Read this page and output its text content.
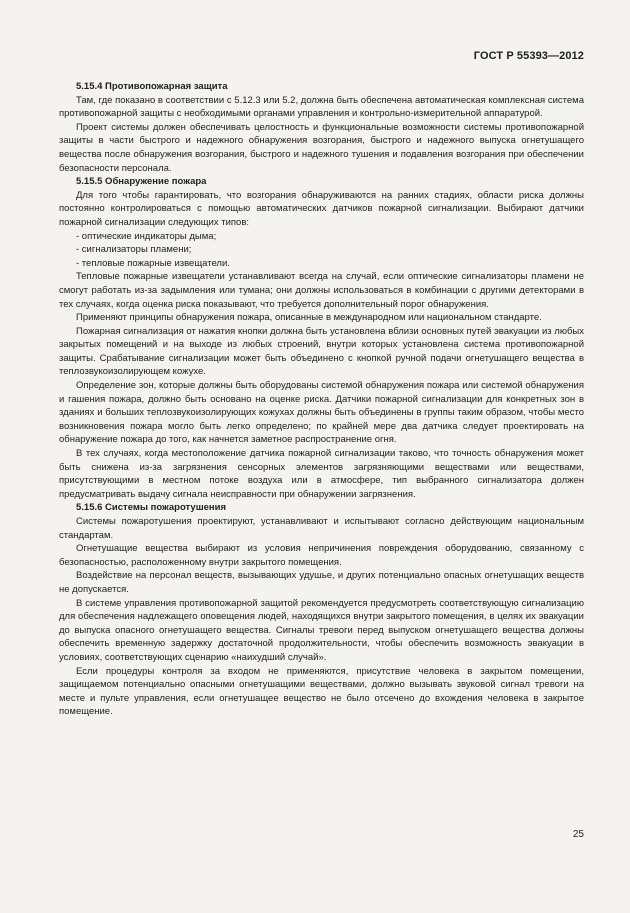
ГОСТ Р 55393—2012
5.15.4 Противопожарная защита

Там, где показано в соответствии с 5.12.3 или 5.2, должна быть обеспечена автоматическая комплексная система противопожарной защиты с необходимыми органами управления и контрольно-измерительной аппаратурой.

Проект системы должен обеспечивать целостность и функциональные возможности системы противопожарной защиты в части быстрого и надежного обнаружения возгорания, быстрого и надежного выпуска огнетушащего вещества после обнаружения возгорания, быстрого и надежного тушения и подавления возгорания при обеспечении безопасности персонала.

5.15.5 Обнаружение пожара

Для того чтобы гарантировать, что возгорания обнаруживаются на ранних стадиях, области риска должны постоянно контролироваться с помощью автоматических датчиков пожарной сигнализации. Выбирают датчики пожарной сигнализации следующих типов:

- оптические индикаторы дыма;

- сигнализаторы пламени;

- тепловые пожарные извещатели.

Тепловые пожарные извещатели устанавливают всегда на случай, если оптические сигнализаторы пламени не смогут работать из-за задымления или тумана; они должны использоваться в комбинации с другими детекторами в тех случаях, когда оценка риска показывают, что требуется дополнительный порог обнаружения.

Применяют принципы обнаружения пожара, описанные в международном или национальном стандарте.

Пожарная сигнализация от нажатия кнопки должна быть установлена вблизи основных путей эвакуации из любых закрытых помещений и на выходе из любых строений, внутри которых установлена система противопожарной защиты. Срабатывание сигнализации может быть объединено с кнопкой ручной подачи огнетушащего вещества в теплозвукоизолирующем кожухе.

Определение зон, которые должны быть оборудованы системой обнаружения пожара или системой обнаружения и гашения пожара, должно быть основано на оценке риска. Датчики пожарной сигнализации для конкретных зон в зданиях и больших теплозвукоизолирующих кожухах должны быть объединены в группы таким образом, чтобы место возникновения пожара могло быть легко определено; по крайней мере два датчика следует проектировать на обнаружение пожара до того, как начнется заметное распространение огня.

В тех случаях, когда местоположение датчика пожарной сигнализации таково, что точность обнаружения может быть снижена из-за загрязнения сенсорных элементов загрязняющими веществами или веществами, присутствующими в местном потоке воздуха или в атмосфере, тип выбранного сигнализатора должен предусматривать выдачу сигнала неисправности при обнаружении загрязнения.

5.15.6 Системы пожаротушения

Системы пожаротушения проектируют, устанавливают и испытывают согласно действующим национальным стандартам.

Огнетушащие вещества выбирают из условия непричинения повреждения оборудованию, связанному с безопасностью, расположенному внутри закрытого помещения.

Воздействие на персонал веществ, вызывающих удушье, и других потенциально опасных огнетушащих веществ не допускается.

В системе управления противопожарной защитой рекомендуется предусмотреть соответствующую сигнализацию для обеспечения надлежащего оповещения людей, находящихся внутри закрытого помещения, в целях их эвакуации до выпуска опасного огнетушащего вещества. Сигналы тревоги перед выпуском огнетушащего вещества должны обеспечить временную задержку достаточной продолжительности, чтобы обеспечить возможность эвакуации в условиях, соответствующих сценарию «наихудший случай».

Если процедуры контроля за входом не применяются, присутствие человека в закрытом помещении, защищаемом потенциально опасными огнетушащими веществами, должно вызывать звуковой сигнал тревоги на месте и пульте управления, если огнетушащее вещество не было отсечено до вхождения человека в закрытое помещение.

25
